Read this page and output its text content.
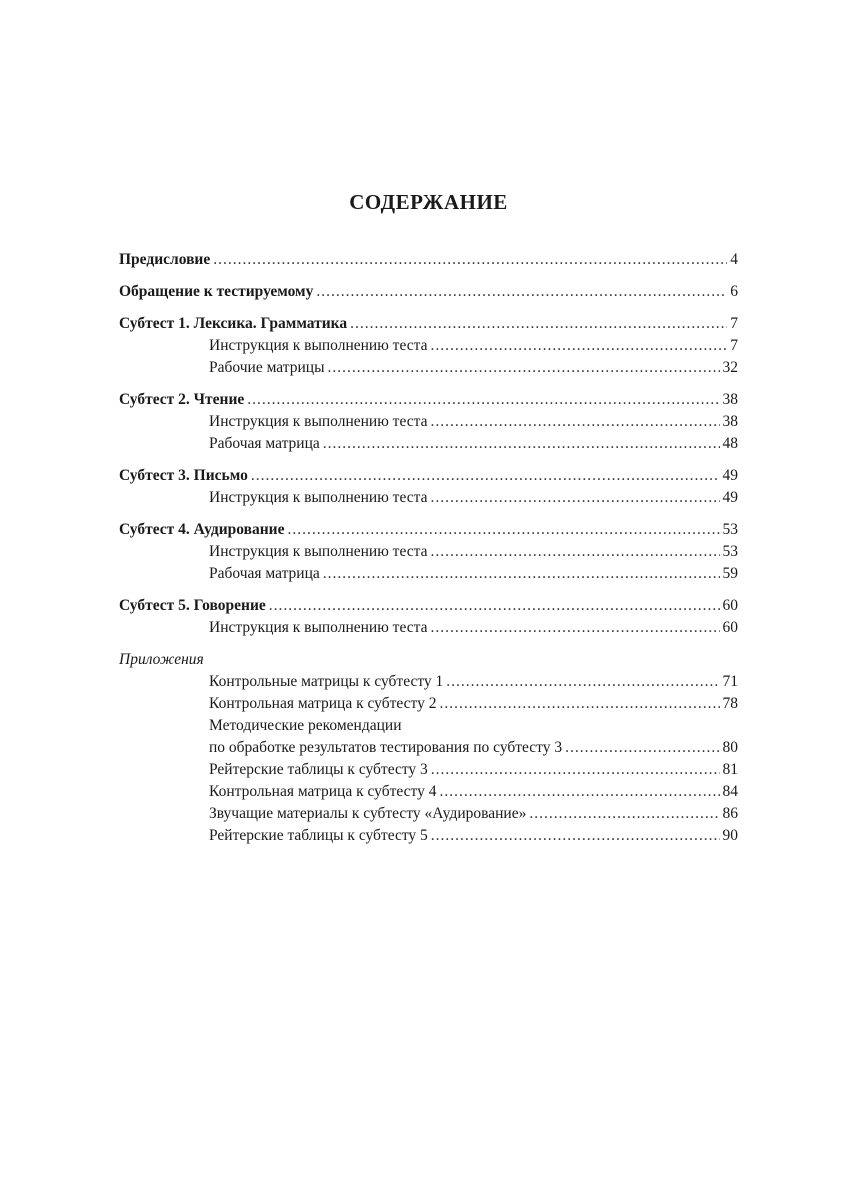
СОДЕРЖАНИЕ
Предисловие .....	4
Обращение к тестируемому .....	6
Субтест 1. Лексика. Грамматика .....	7
Инструкция к выполнению теста .....	7
Рабочие матрицы .....	32
Субтест 2. Чтение .....	38
Инструкция к выполнению теста .....	38
Рабочая матрица .....	48
Субтест 3. Письмо .....	49
Инструкция к выполнению теста .....	49
Субтест 4. Аудирование .....	53
Инструкция к выполнению теста .....	53
Рабочая матрица .....	59
Субтест 5. Говорение .....	60
Инструкция к выполнению теста .....	60
Приложения
Контрольные матрицы к субтесту 1 .....	71
Контрольная матрица к субтесту 2 .....	78
Методические рекомендации
по обработке результатов тестирования по субтесту 3 .....	80
Рейтерские таблицы к субтесту 3 .....	81
Контрольная матрица к субтесту 4 .....	84
Звучащие материалы к субтесту «Аудирование» .....	86
Рейтерские таблицы к субтесту 5 .....	90
